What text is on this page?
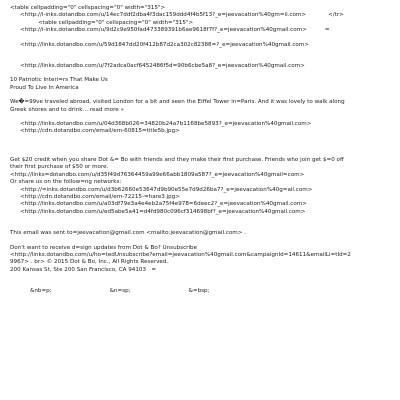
<table cellpadding="0" cellspacing="0" width="315">
<http://l-inks.dotandbo.com/u/14ec7ddf2dba4f3dac159ddd4f4b5f13?_e=jeevacation%40gm=il.com>	</tr>
<table cellpadding="0" cellspacing="0" width="315">
<http://i-inks.dotandbo.com/u/9d2c9e950fad473389391b6ae9618f7f?_e=jeevacation%40gmail.com>	=
<http://links.dotandbo.com/u/59d1847dd20f412b87d2ca302c82388=?_e=jeevacation%40gmail.com>
<http://links.dotandbo.com/u/7f2adca0acf6452486f5d=90b6cbe5a8?_e=jeevacation%40gmail.com>
10 Patriotic Interi=rs That Make Us
Proud To Live In America
We�=99ve traveled abroad, visited London for a bit and seen the Eiffel Tower in=Paris. And it was lovely to walk along
Greek shores and to drink… read more »
<http://links.dotandbo.com/u/04d368b026=34820b24a7b1168be5893?_e=jeevacation%40gmail.com>
<http://cdn.dotandbo.com/email/em-60815=title5b.jpg>
Get $20 credit when you share Dot &= Bo with friends and they make their first purchase. Friends who join get $=0 off
their first purchase of $50 or more.
<http://links=dotandbo.com/u/d35f49d76364459a99e66abb1809a587?_e=jeevacation%40gmail=com>
Or share us on the follow=ng networks:
<http://=inks.dotandbo.com/u/d3b62660e53647d9b90e55e7d9d26ba7?_e=jeevacation%40g=ail.com>
<http://cdn.dotandbo.com/email/em-72215-=hare3.jpg>
<http://links.dotandbo.com/u/a03df79e3a4e4eb2a75f4e978=6deec2?_e=jeevacation%40gmail.com>
<http://links.dotandbo.com/u/ed5abe5a41=d4fd980c096cf314698bf?_e=jeevacation%40gmail.com>
This email was sent to=jeevacation@gmail.com <mailto:jeevacation@gmail.com> .
Don't want to receive d=sign updates from Dot & Bo? Unsubscribe
<http://links.dotandbo.com/u/ho=tedUnsubscribe?email=jeevacation%40gmail.com&campaignId=14611&emailLi=tId=2
9967> . br> © 2015 Dot & Bo, Inc., All Rights Reserved.
200 Kansas St, Ste 200 San Francisco, CA 94103   =
&nb=p;	&n=sp;	&=bsp;
